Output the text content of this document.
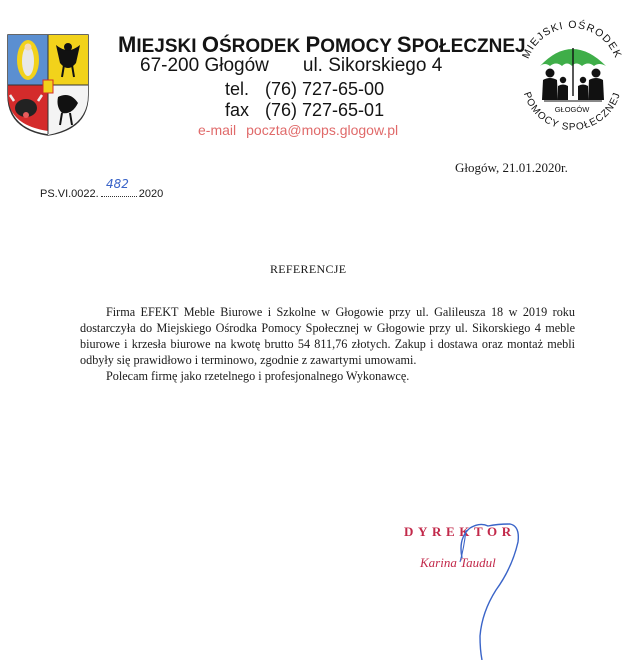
MIEJSKI OŚRODEK POMOCY SPOŁECZNEJ
67-200 Głogów ul. Sikorskiego 4
tel. (76) 727-65-00
fax (76) 727-65-01
e-mail poczta@mops.glogow.pl
MIEJSKI OŚRODEK
POMOCY SPOŁECZNEJ
GŁOGÓW
Głogów, 21.01.2020r.
PS.VI.0022.	2020
482
REFERENCJE

Firma EFEKT Meble Biurowe i Szkolne w Głogowie przy ul. Galileusza 18 w 2019 roku dostarczyła do Miejskiego Ośrodka Pomocy Społecznej w Głogowie przy ul. Sikorskiego 4 meble biurowe i krzesła biurowe na kwotę brutto 54 811,76 złotych. Zakup i dostawa oraz montaż mebli odbyły się prawidłowo i terminowo, zgodnie z zawartymi umowami.

Polecam firmę jako rzetelnego i profesjonalnego Wykonawcę.

DYREKTOR
Karina Taudul
